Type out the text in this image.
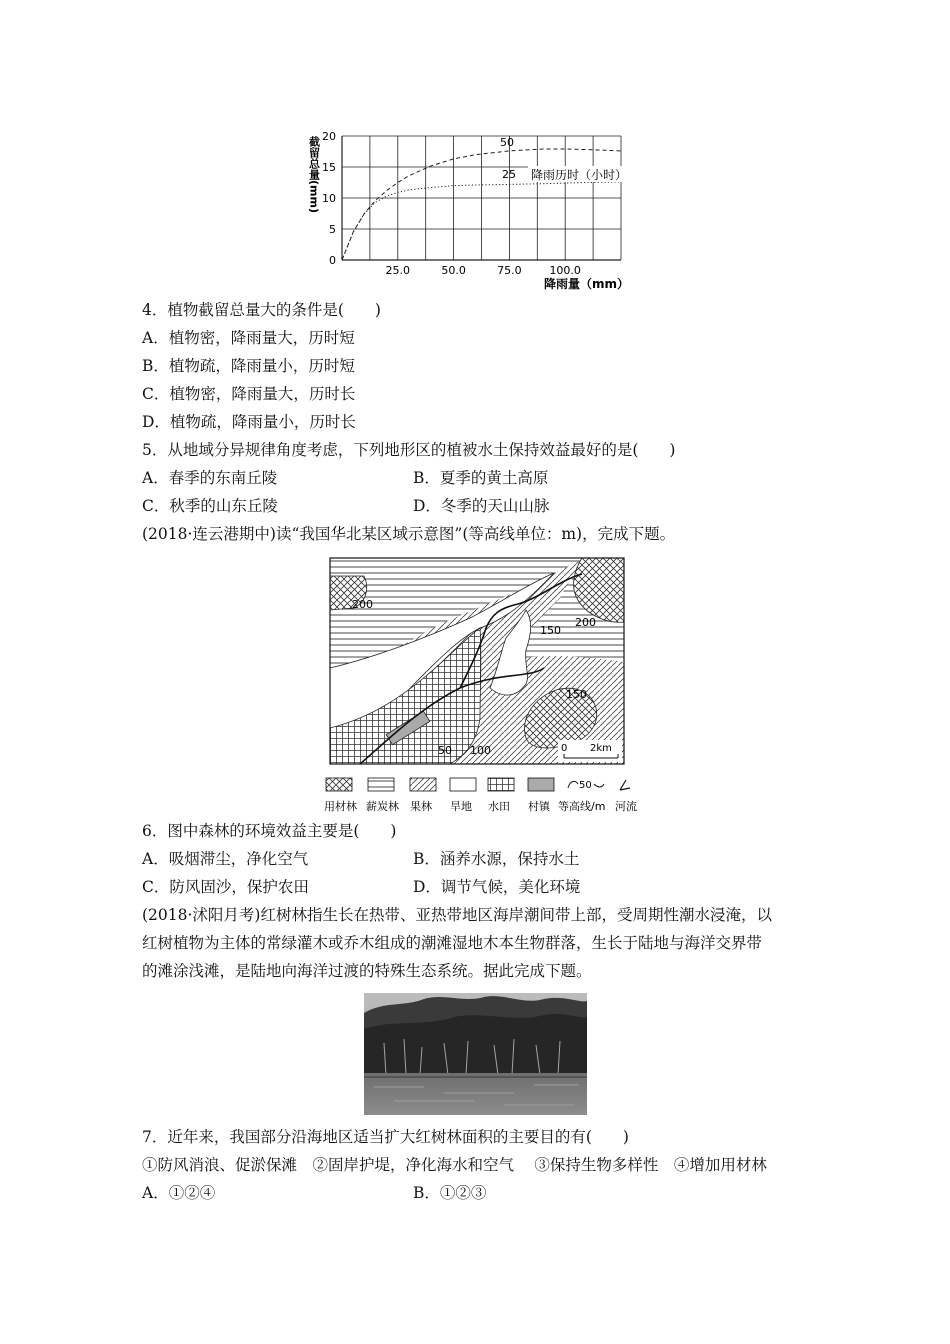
0
5
10
15
20
25.0	50.0	75.0	100.0
截留总量(mm)
降雨量（mm）
50
25 降雨历时（小时）
4．植物截留总量大的条件是(　　)
A．植物密，降雨量大，历时短
B．植物疏，降雨量小，历时短
C．植物密，降雨量大，历时长
D．植物疏，降雨量小，历时长
5．从地域分异规律角度考虑，下列地形区的植被水土保持效益最好的是(　　)
A．春季的东南丘陵	B．夏季的黄土高原
C．秋季的山东丘陵	D．冬季的天山山脉
(2018·连云港期中)读“我国华北某区域示意图”(等高线单位：m)，完成下题。
200
200
150
150
50 100	0 2km
50
用材林 薪炭林 果林 旱地 水田 村镇 等高线/m 河流
6．图中森林的环境效益主要是(　　)
A．吸烟滞尘，净化空气	B．涵养水源，保持水土
C．防风固沙，保护农田	D．调节气候，美化环境
(2018·沭阳月考)红树林指生长在热带、亚热带地区海岸潮间带上部，受周期性潮水浸淹，以
红树植物为主体的常绿灌木或乔木组成的潮滩湿地木本生物群落，生长于陆地与海洋交界带
的滩涂浅滩，是陆地向海洋过渡的特殊生态系统。据此完成下题。
7．近年来，我国部分沿海地区适当扩大红树林面积的主要目的有(　　)
①防风消浪、促淤保滩　②固岸护堤，净化海水和空气　 ③保持生物多样性　④增加用材林
A．①②④	B．①②③
